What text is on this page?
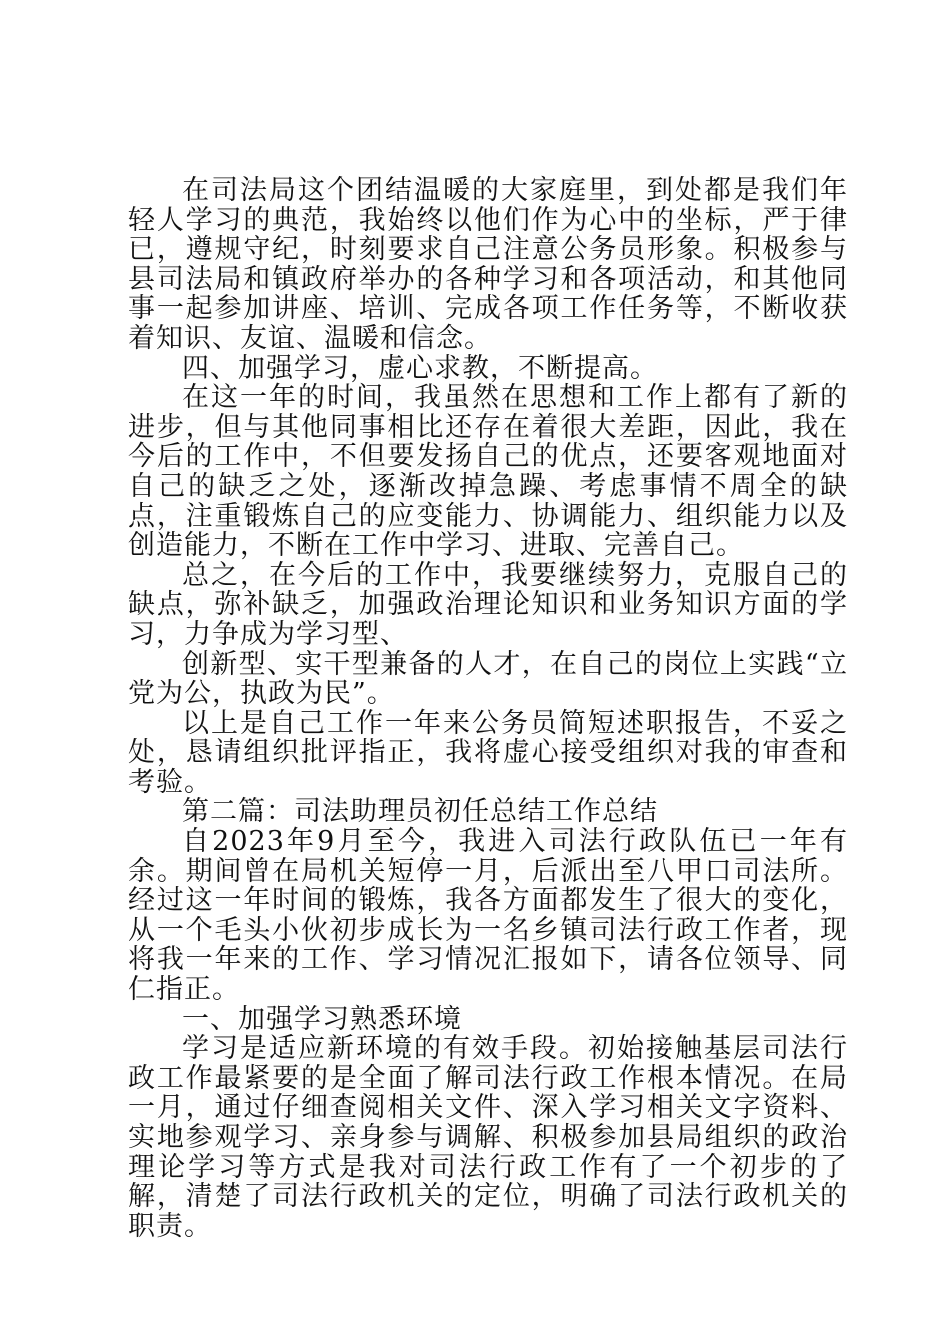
在司法局这个团结温暖的大家庭里，到处都是我们年轻人学习的典范，我始终以他们作为心中的坐标，严于律已，遵规守纪，时刻要求自己注意公务员形象。积极参与县司法局和镇政府举办的各种学习和各项活动，和其他同事一起参加讲座、培训、完成各项工作任务等，不断收获着知识、友谊、温暖和信念。

四、加强学习，虚心求教，不断提高。

在这一年的时间，我虽然在思想和工作上都有了新的进步，但与其他同事相比还存在着很大差距，因此，我在今后的工作中，不但要发扬自己的优点，还要客观地面对自己的缺乏之处，逐渐改掉急躁、考虑事情不周全的缺点，注重锻炼自己的应变能力、协调能力、组织能力以及创造能力，不断在工作中学习、进取、完善自己。

总之，在今后的工作中，我要继续努力，克服自己的缺点，弥补缺乏，加强政治理论知识和业务知识方面的学习，力争成为学习型、

创新型、实干型兼备的人才，在自己的岗位上实践“立党为公，执政为民”。

以上是自己工作一年来公务员简短述职报告，不妥之处，恳请组织批评指正，我将虚心接受组织对我的审查和考验。

第二篇：司法助理员初任总结工作总结

自2023年9月至今，我进入司法行政队伍已一年有余。期间曾在局机关短停一月，后派出至八甲口司法所。经过这一年时间的锻炼，我各方面都发生了很大的变化，从一个毛头小伙初步成长为一名乡镇司法行政工作者，现将我一年来的工作、学习情况汇报如下，请各位领导、同仁指正。

一、加强学习熟悉环境

学习是适应新环境的有效手段。初始接触基层司法行政工作最紧要的是全面了解司法行政工作根本情况。在局一月，通过仔细查阅相关文件、深入学习相关文字资料、实地参观学习、亲身参与调解、积极参加县局组织的政治理论学习等方式是我对司法行政工作有了一个初步的了解，清楚了司法行政机关的定位，明确了司法行政机关的职责。
